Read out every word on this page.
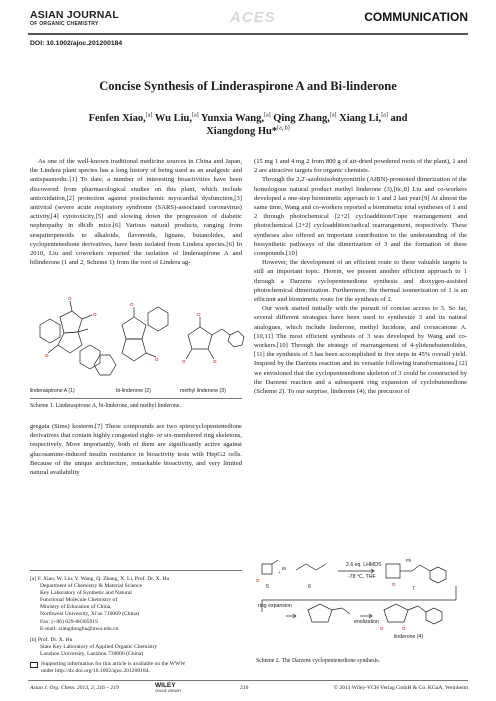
ASIAN JOURNAL
OF ORGANIC CHEMISTRY	ACES	COMMUNICATION
DOI: 10.1002/ajoc.201200184
Concise Synthesis of Linderaspirone A and Bi-linderone
Fenfen Xiao,[a] Wu Liu,[a] Yunxia Wang,[a] Qing Zhang,[a] Xiang Li,[a] and
Xiangdong Hu*[a, b]

As one of the well-known traditional medicine sources in China and Japan, the Lindera plant species has a long history of being used as an analgesic and antispasmodic.[1] To date, a number of interesting bioactivities have been discovered from pharmacological studies on this plant, which include antioxidation,[2] protection against postischemic myocardial dysfunction,[3] antiviral (severe acute respiratory syndrome (SARS)-associated coronavirus) activity,[4] cytotoxicity,[5] and slowing down the progression of diabetic nephropathy in db/db mice.[6] Various natural products, ranging from sesquiterpenoids to alkaloids, flavonoids, lignans, butanolides, and cyclopentenedione derivatives, have been isolated from Lindera species.[6] In 2010, Liu and coworkers reported the isolation of linderaspirone A and bilinderone (1 and 2, Scheme 1) from the root of Lindera ag-

O
O
O
O
O
O
O	O
linderaspirone A (1)	bi-linderone (2)	methyl linderone (3)
Scheme 1. Linderaspirone A, bi-linderone, and methyl linderone.

gregata (Sims) kosterm.[7] These compounds are two spirocyclopentenedione derivatives that contain highly congested eight- or six-membered ring skeletons, respectively. More importantly, both of them are significantly active against glucosamine-induced insulin resistance in bioactivity tests with HepG2 cells. Because of the unique architecture, remarkable bioactivity, and very limited natural availability

[a] F. Xiao, W. Liu, Y. Wang, Q. Zhang, X. Li, Prof. Dr. X. Hu
Department of Chemistry & Material Science
Key Laboratory of Synthetic and Natural
Functional Molecule Chemistry of
Ministry of Education of China,
Northwest University, Xi'an 710069 (China)
Fax: (+86) 029-88305919
E-mail: xiangdonghu@nwu.edu.cn
[b] Prof. Dr. X. Hu
State Key Laboratory of Applied Organic Chemistry
Lanzhou University, Lanzhou 730000 (China)
Supporting information for this article is available on the WWW
under http://dx.doi.org/10.1002/ajoc.201200184.

(15 mg 1 and 4 mg 2 from 800 g of air-dried powdered roots of the plant), 1 and 2 are attractive targets for organic chemists.

Through the 2,2'-azobisisobutyronitrile (AIBN)-promoted dimerization of the homologous natural product methyl linderone (3),[6c,8] Liu and co-workers developed a one-step biomimetic approach to 1 and 2 last year.[9] At almost the same time, Wang and co-workers reported a biomimetic total syntheses of 1 and 2 through photochemical [2+2] cycloaddition/Cope rearrangement and photochemical [2+2] cycloaddition/radical rearrangement, respectively. These syntheses also offered an important contribution to the understanding of the biosynthetic pathways of the dimerization of 3 and the formation of these compounds.[10]

However, the development of an efficient route to these valuable targets is still an important topic. Herein, we present another efficient approach to 1 through a Darzens cyclopentenedione synthesis and dioxygen-assisted photochemical dimerization. Furthermore, the thermal isomerization of 1 is an efficient and biomimetic route for the synthesis of 2.

Our work started initially with the pursuit of concise access to 3. So far, several different strategies have been used to synthesize 3 and its natural analogues, which include linderone, methyl lucidone, and coruscanone A.[10,11] The most efficient synthesis of 3 was developed by Wang and co-workers.[10] Through the strategy of rearrangement of 4-ylidenebutenolides,[11] the synthesis of 3 has been accomplished in five steps in 45% overall yield. Inspired by the Darzens reaction and its versatile following transformations,[12] we envisioned that the cyclopentenedione skeleton of 3 could be constructed by the Darzens reaction and a subsequent ring expansion of cyclobutenedione (Scheme 2). To our surprise, linderone (4), the precursor of

O
O
O	O
+
Br
Ph
2.6 eq. LHMDS
-78 °C, THF
5	6	7
ring expansion
enolization
linderone (4)
Scheme 2. The Darzens cyclopentenedione synthesis.
Asian J. Org. Chem. 2013, 2, 216 – 219	WILEY
ONLINE LIBRARY	216	© 2013 Wiley-VCH Verlag GmbH & Co. KGaA, Weinheim
